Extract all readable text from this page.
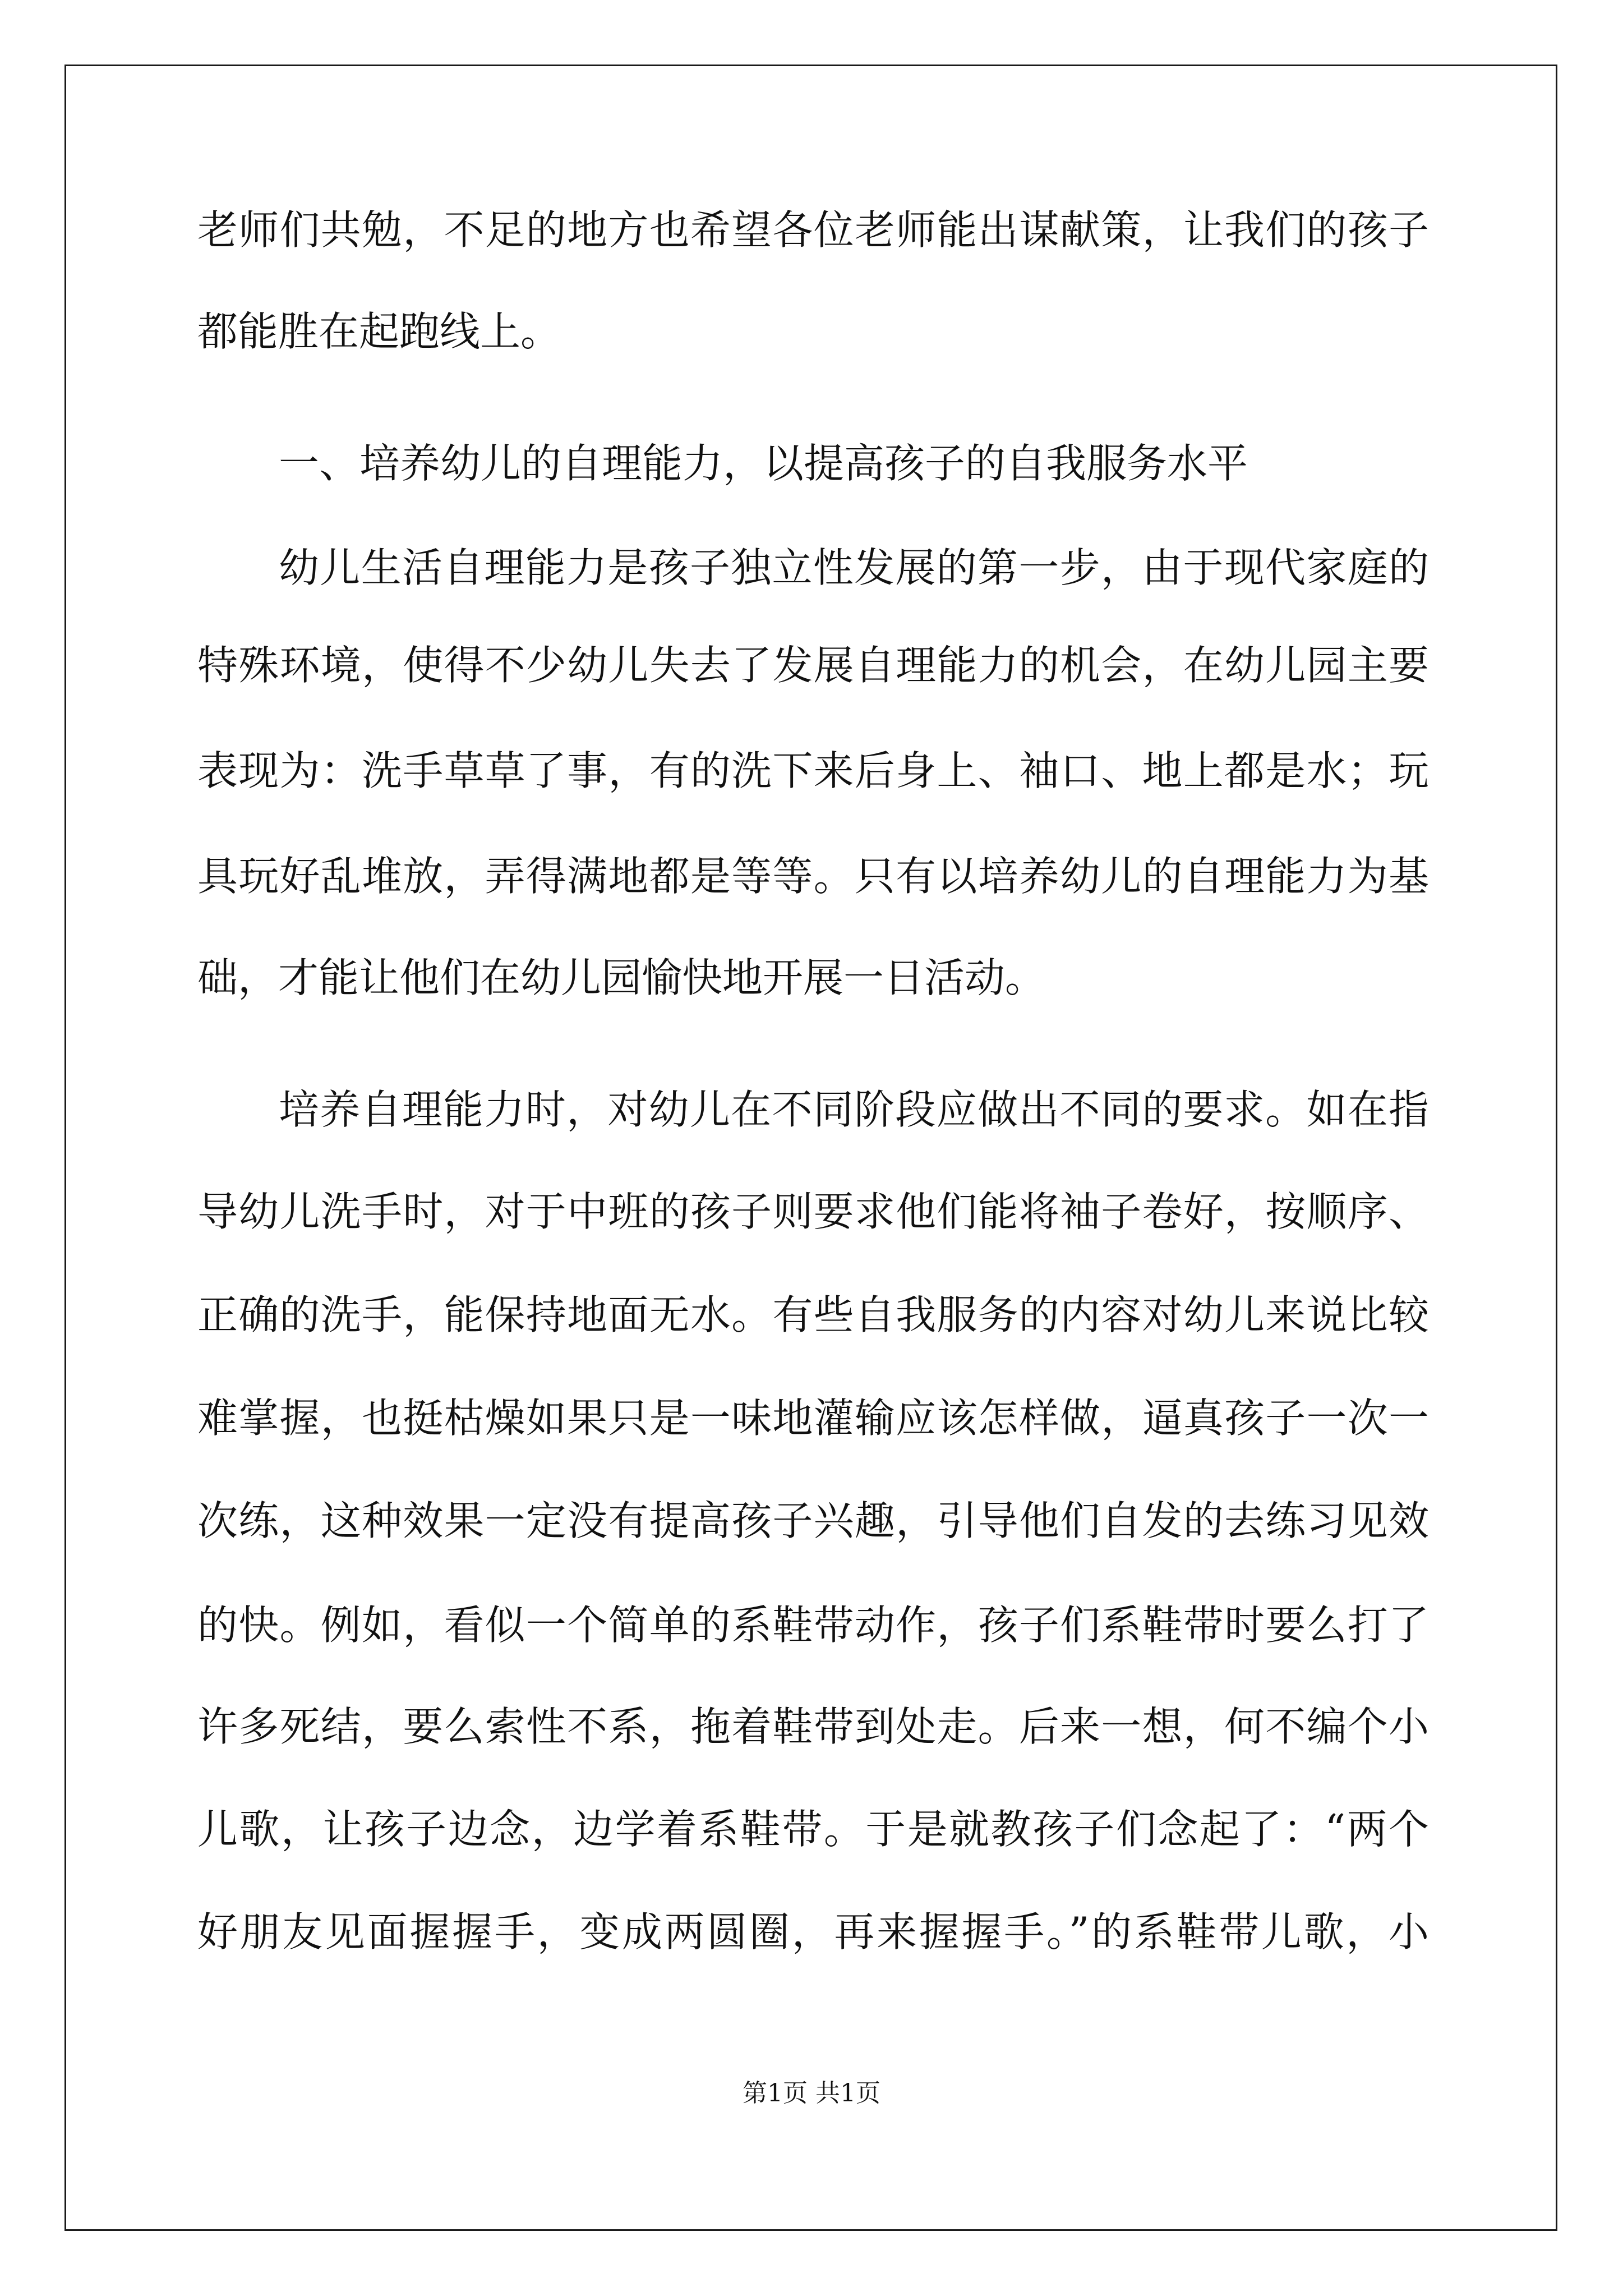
老师们共勉，不足的地方也希望各位老师能出谋献策，让我们的孩子
都能胜在起跑线上。
一、培养幼儿的自理能力，以提高孩子的自我服务水平
幼儿生活自理能力是孩子独立性发展的第一步，由于现代家庭的
特殊环境，使得不少幼儿失去了发展自理能力的机会，在幼儿园主要
表现为：洗手草草了事，有的洗下来后身上、袖口、地上都是水；玩
具玩好乱堆放，弄得满地都是等等。只有以培养幼儿的自理能力为基
础，才能让他们在幼儿园愉快地开展一日活动。
培养自理能力时，对幼儿在不同阶段应做出不同的要求。如在指
导幼儿洗手时，对于中班的孩子则要求他们能将袖子卷好，按顺序、
正确的洗手，能保持地面无水。有些自我服务的内容对幼儿来说比较
难掌握，也挺枯燥如果只是一味地灌输应该怎样做，逼真孩子一次一
次练，这种效果一定没有提高孩子兴趣，引导他们自发的去练习见效
的快。例如，看似一个简单的系鞋带动作，孩子们系鞋带时要么打了
许多死结，要么索性不系，拖着鞋带到处走。后来一想，何不编个小
儿歌，让孩子边念，边学着系鞋带。于是就教孩子们念起了：“两个
好朋友见面握握手，变成两圆圈，再来握握手。”的系鞋带儿歌，小
第1页 共1页
